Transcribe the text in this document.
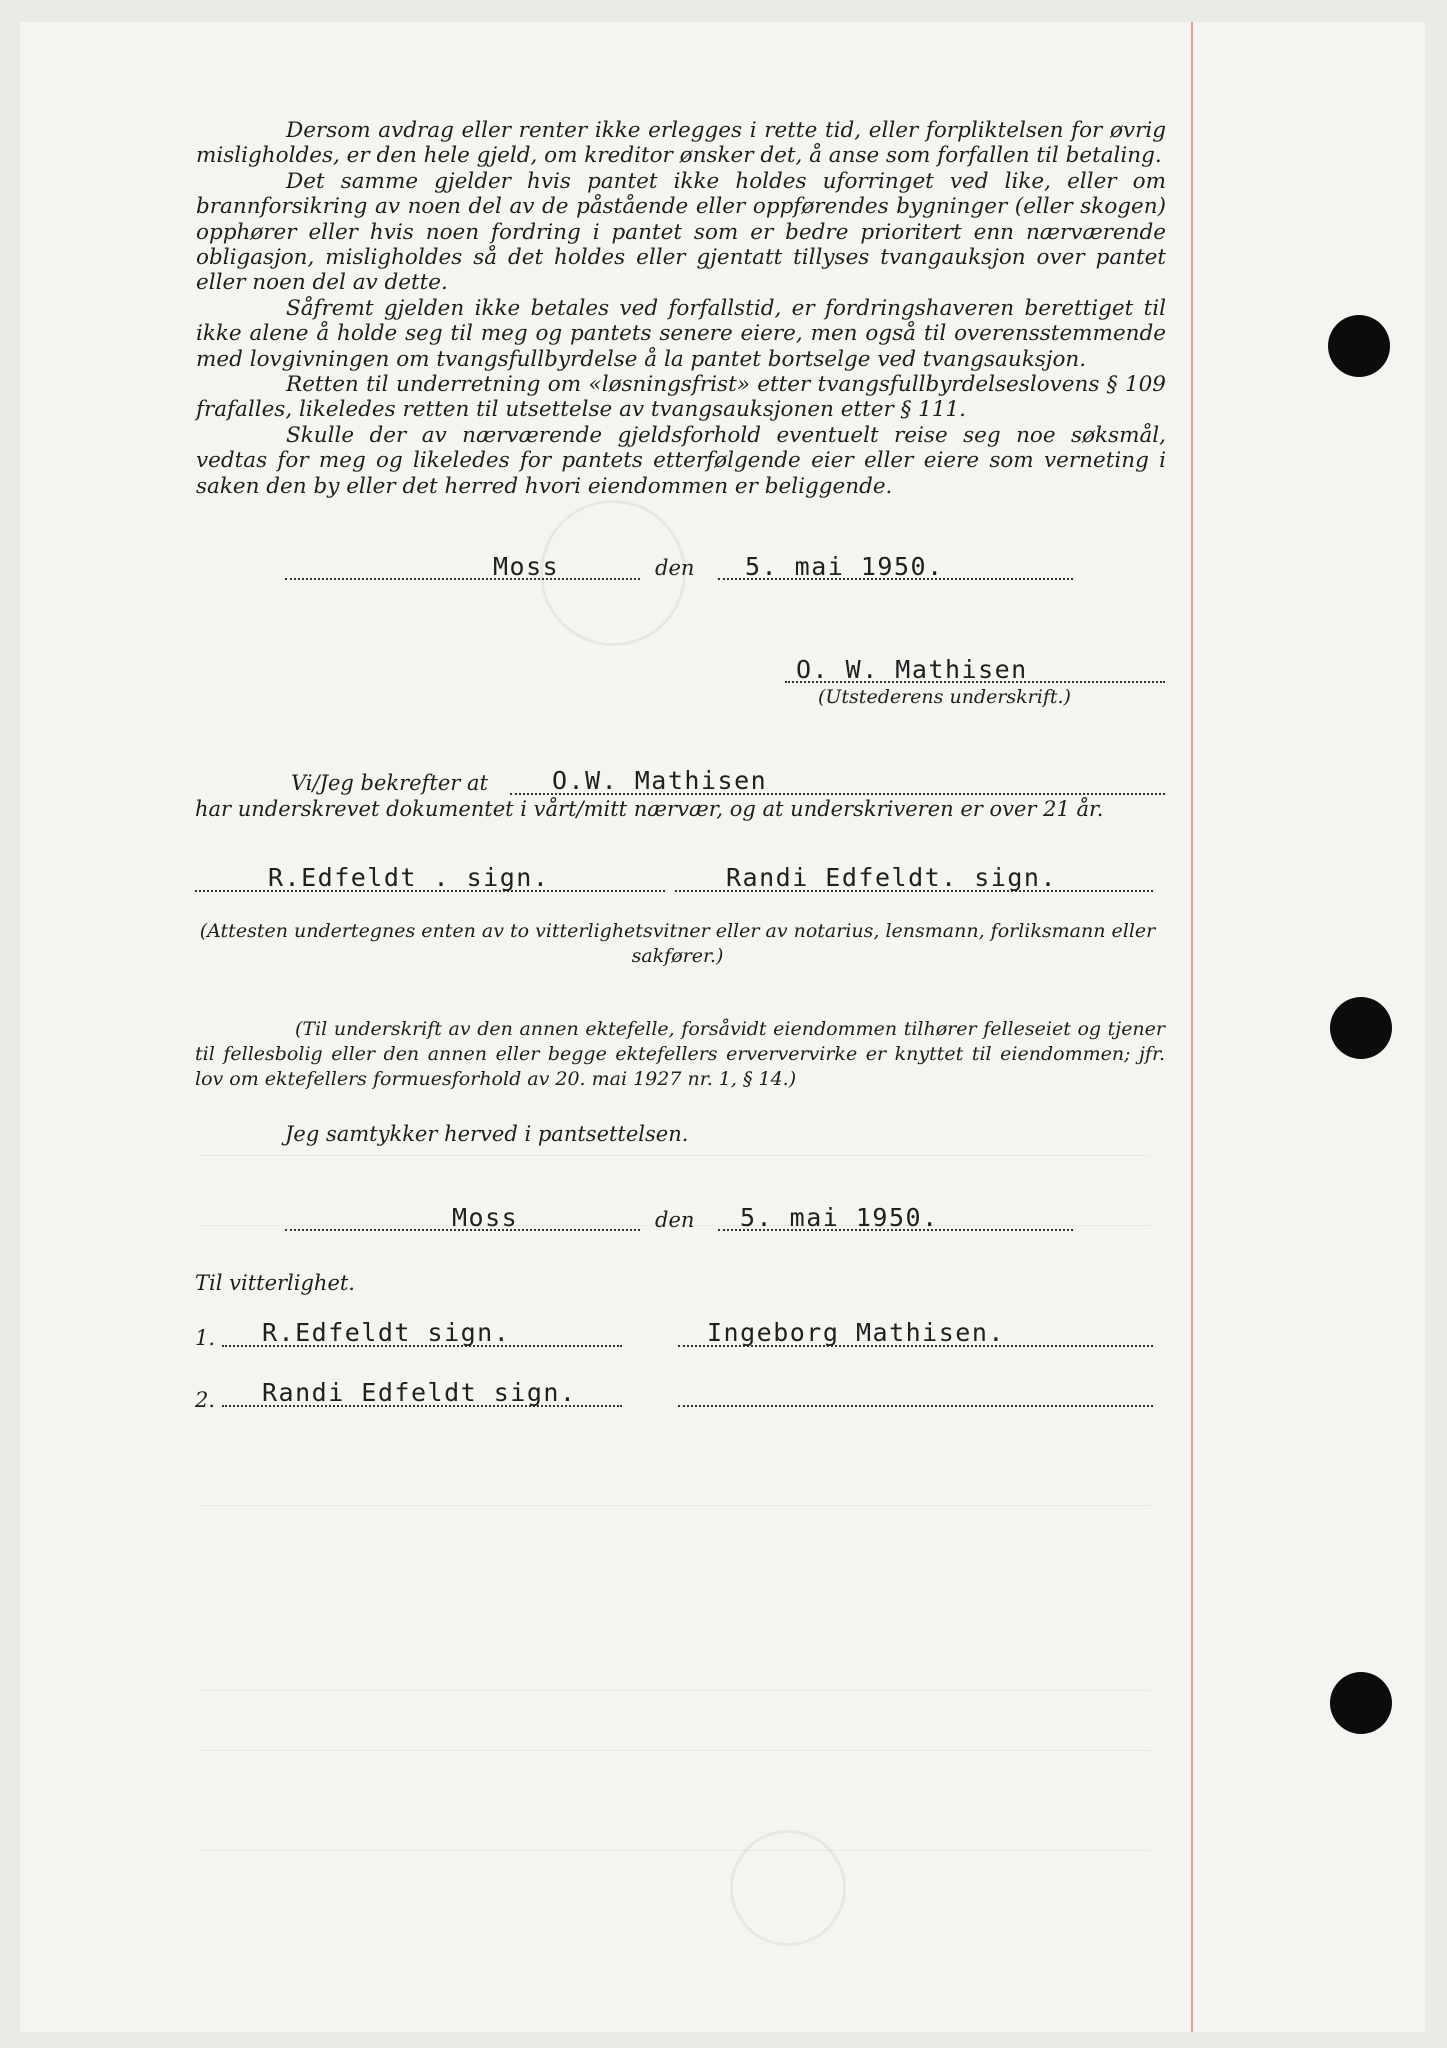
Dersom avdrag eller renter ikke erlegges i rette tid, eller forpliktelsen for øvrig misligholdes, er den hele gjeld, om kreditor ønsker det, å anse som forfallen til betaling.

Det samme gjelder hvis pantet ikke holdes uforringet ved like, eller om brannforsikring av noen del av de påstående eller oppførendes bygninger (eller skogen) opphører eller hvis noen fordring i pantet som er bedre prioritert enn nærværende obligasjon, misligholdes så det holdes eller gjentatt tillyses tvangauksjon over pantet eller noen del av dette.

Såfremt gjelden ikke betales ved forfallstid, er fordringshaveren berettiget til ikke alene å holde seg til meg og pantets senere eiere, men også til overensstemmende med lovgivningen om tvangsfullbyrdelse å la pantet bortselge ved tvangsauksjon.

Retten til underretning om «løsningsfrist» etter tvangsfullbyrdelseslovens § 109 frafalles, likeledes retten til utsettelse av tvangsauksjonen etter § 111.

Skulle der av nærværende gjeldsforhold eventuelt reise seg noe søksmål, vedtas for meg og likeledes for pantets etterfølgende eier eller eiere som verneting i saken den by eller det herred hvori eiendommen er beliggende.

Moss	den 5. mai 1950.
O. W. Mathisen
(Utstederens underskrift.)
Vi/Jeg bekrefter at	O.W. Mathisen
har underskrevet dokumentet i vårt/mitt nærvær, og at underskriveren er over 21 år.
R.Edfeldt . sign.	Randi Edfeldt. sign.
(Attesten undertegnes enten av to vitterlighetsvitner eller av notarius, lensmann, forliksmann eller sakfører.)
(Til underskrift av den annen ektefelle, forsåvidt eiendommen tilhører felleseiet og tjener til fellesbolig eller den annen eller begge ektefellers erververvirke er knyttet til eiendommen; jfr. lov om ektefellers formuesforhold av 20. mai 1927 nr. 1, § 14.)
Jeg samtykker herved i pantsettelsen.
Moss	den 5. mai 1950.
Til vitterlighet.
1. R.Edfeldt sign.	Ingeborg Mathisen.
2. Randi Edfeldt sign.
